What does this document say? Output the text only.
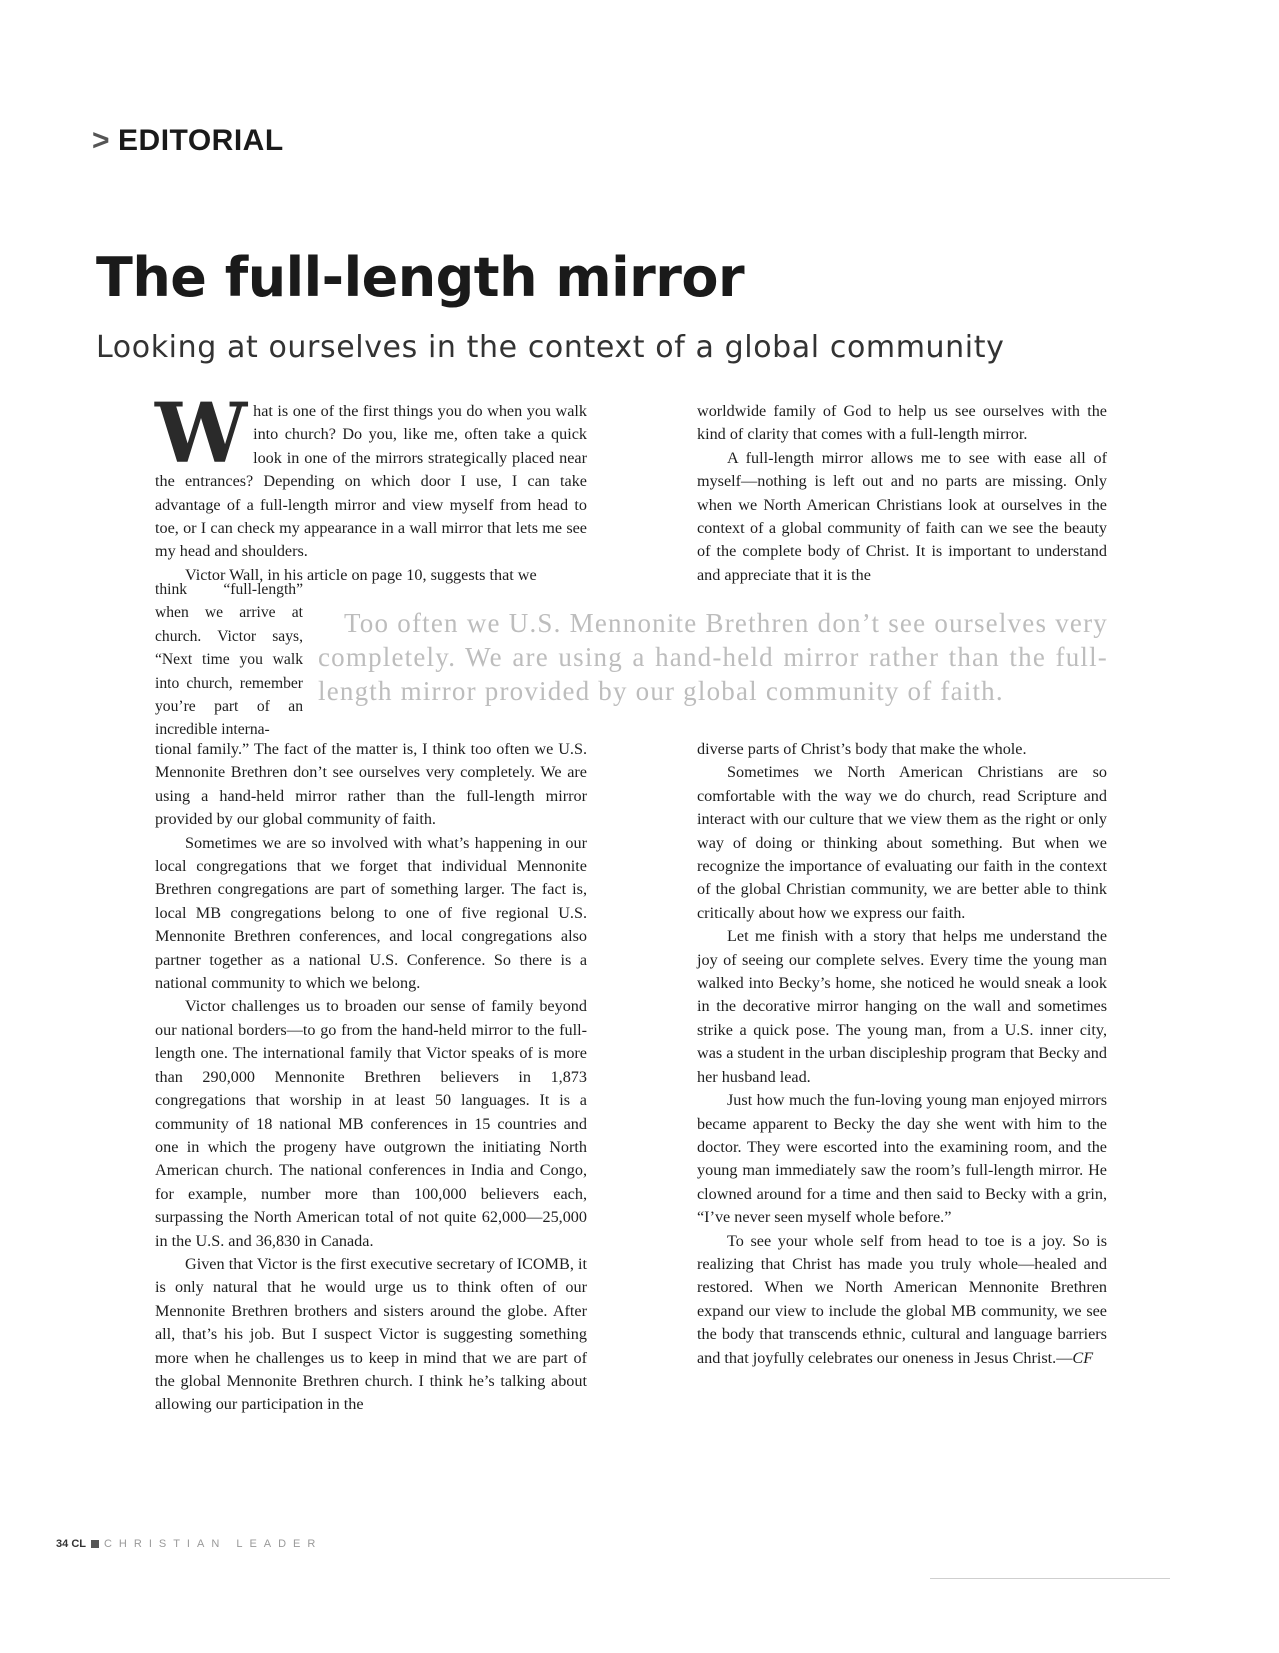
> EDITORIAL
The full-length mirror
Looking at ourselves in the context of a global community

What is one of the first things you do when you walk into church? Do you, like me, often take a quick look in one of the mirrors strategically placed near the entrances? Depending on which door I use, I can take advantage of a full-length mirror and view myself from head to toe, or I can check my appearance in a wall mirror that lets me see my head and shoulders.

Victor Wall, in his article on page 10, suggests that we

think “full-length” when we arrive at church. Victor says, “Next time you walk into church, remember you’re part of an incredible interna-

Too often we U.S. Mennonite Brethren don’t see ourselves very completely. We are using a hand-held mirror rather than the full-length mirror provided by our global community of faith.

tional family.” The fact of the matter is, I think too often we U.S. Mennonite Brethren don’t see ourselves very completely. We are using a hand-held mirror rather than the full-length mirror provided by our global community of faith.

Sometimes we are so involved with what’s happening in our local congregations that we forget that individual Mennonite Brethren congregations are part of something larger. The fact is, local MB congregations belong to one of five regional U.S. Mennonite Brethren conferences, and local congregations also partner together as a national U.S. Conference. So there is a national community to which we belong.

Victor challenges us to broaden our sense of family beyond our national borders—to go from the hand-held mirror to the full-length one. The international family that Victor speaks of is more than 290,000 Mennonite Brethren believers in 1,873 congregations that worship in at least 50 languages. It is a community of 18 national MB conferences in 15 countries and one in which the progeny have outgrown the initiating North American church. The national conferences in India and Congo, for example, number more than 100,000 believers each, surpassing the North American total of not quite 62,000—25,000 in the U.S. and 36,830 in Canada.

Given that Victor is the first executive secretary of ICOMB, it is only natural that he would urge us to think often of our Mennonite Brethren brothers and sisters around the globe. After all, that’s his job. But I suspect Victor is suggesting something more when he challenges us to keep in mind that we are part of the global Mennonite Brethren church. I think he’s talking about allowing our participation in the

worldwide family of God to help us see ourselves with the kind of clarity that comes with a full-length mirror.

A full-length mirror allows me to see with ease all of myself—nothing is left out and no parts are missing. Only when we North American Christians look at ourselves in the context of a global community of faith can we see the beauty of the complete body of Christ. It is important to understand and appreciate that it is the

diverse parts of Christ’s body that make the whole.

Sometimes we North American Christians are so comfortable with the way we do church, read Scripture and interact with our culture that we view them as the right or only way of doing or thinking about something. But when we recognize the importance of evaluating our faith in the context of the global Christian community, we are better able to think critically about how we express our faith.

Let me finish with a story that helps me understand the joy of seeing our complete selves. Every time the young man walked into Becky’s home, she noticed he would sneak a look in the decorative mirror hanging on the wall and sometimes strike a quick pose. The young man, from a U.S. inner city, was a student in the urban discipleship program that Becky and her husband lead.

Just how much the fun-loving young man enjoyed mirrors became apparent to Becky the day she went with him to the doctor. They were escorted into the examining room, and the young man immediately saw the room’s full-length mirror. He clowned around for a time and then said to Becky with a grin, “I’ve never seen myself whole before.”

To see your whole self from head to toe is a joy. So is realizing that Christ has made you truly whole—healed and restored. When we North American Mennonite Brethren expand our view to include the global MB community, we see the body that transcends ethnic, cultural and language barriers and that joyfully celebrates our oneness in Jesus Christ.—CF

34 CL CHRISTIAN LEADER
